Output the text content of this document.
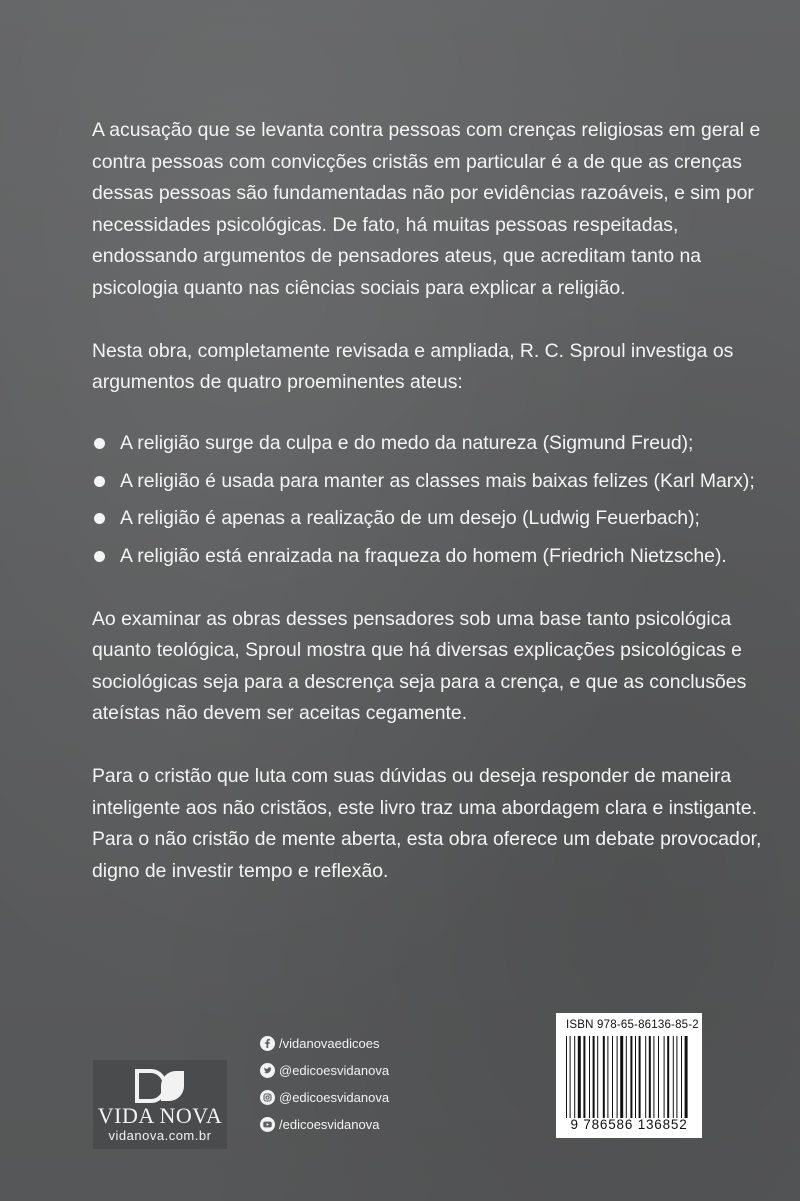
A acusação que se levanta contra pessoas com crenças religiosas em geral e contra pessoas com convicções cristãs em particular é a de que as crenças dessas pessoas são fundamentadas não por evidências razoáveis, e sim por necessidades psicológicas. De fato, há muitas pessoas respeitadas, endossando argumentos de pensadores ateus, que acreditam tanto na psicologia quanto nas ciências sociais para explicar a religião.

Nesta obra, completamente revisada e ampliada, R. C. Sproul investiga os argumentos de quatro proeminentes ateus:

A religião surge da culpa e do medo da natureza (Sigmund Freud);
A religião é usada para manter as classes mais baixas felizes (Karl Marx);
A religião é apenas a realização de um desejo (Ludwig Feuerbach);
A religião está enraizada na fraqueza do homem (Friedrich Nietzsche).

Ao examinar as obras desses pensadores sob uma base tanto psicológica quanto teológica, Sproul mostra que há diversas explicações psicológicas e sociológicas seja para a descrença seja para a crença, e que as conclusões ateístas não devem ser aceitas cegamente.

Para o cristão que luta com suas dúvidas ou deseja responder de maneira inteligente aos não cristãos, este livro traz uma abordagem clara e instigante. Para o não cristão de mente aberta, esta obra oferece um debate provocador, digno de investir tempo e reflexão.

VIDA NOVA
vidanova.com.br
/vidanovaedicoes
@edicoesvidanova
@edicoesvidanova
/edicoesvidanova
ISBN 978-65-86136-85-2
9 786586 136852
